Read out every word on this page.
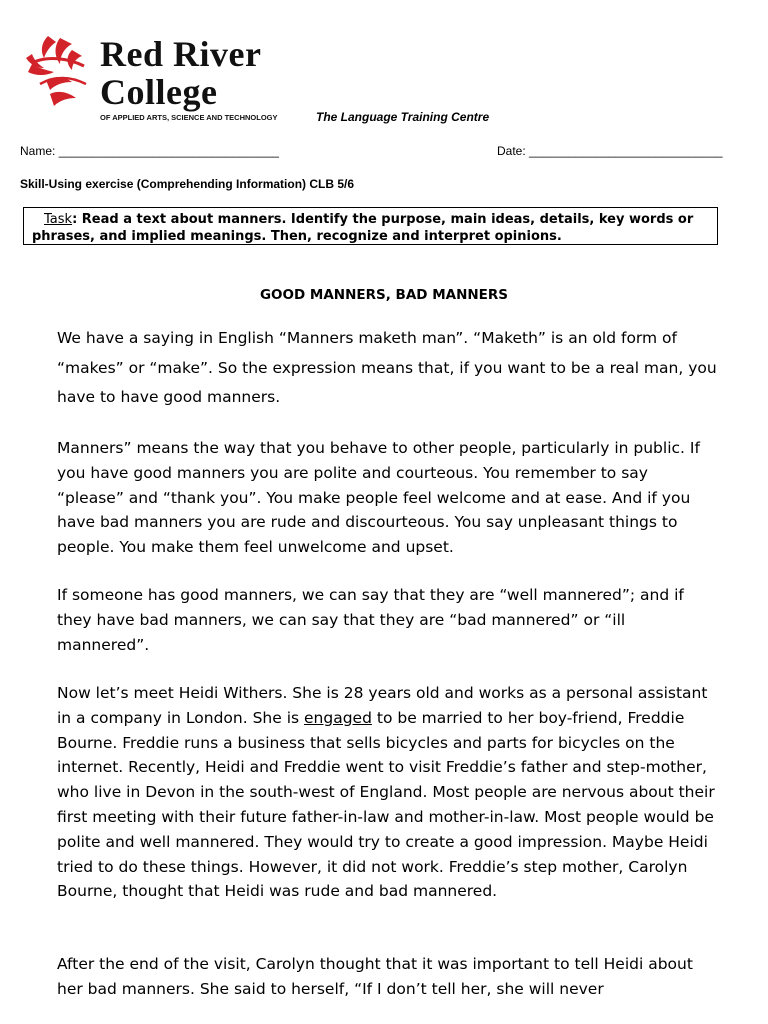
Red River
College
OF APPLIED ARTS, SCIENCE AND TECHNOLOGY	The Language Training Centre
Name: _________________________________	Date: _____________________________
Skill-Using exercise (Comprehending Information) CLB 5/6
Task: Read a text about manners. Identify the purpose, main ideas, details, key words or phrases, and implied meanings. Then, recognize and interpret opinions.
GOOD MANNERS, BAD MANNERS

We have a saying in English “Manners maketh man”. “Maketh” is an old form of “makes” or “make”. So the expression means that, if you want to be a real man, you have to have good manners.

Manners” means the way that you behave to other people, particularly in public. If you have good manners you are polite and courteous. You remember to say “please” and “thank you”. You make people feel welcome and at ease. And if you have bad manners you are rude and discourteous. You say unpleasant things to people. You make them feel unwelcome and upset.

If someone has good manners, we can say that they are “well mannered”; and if they have bad manners, we can say that they are “bad mannered” or “ill mannered”.

Now let’s meet Heidi Withers. She is 28 years old and works as a personal assistant in a company in London. She is engaged to be married to her boy-friend, Freddie Bourne. Freddie runs a business that sells bicycles and parts for bicycles on the internet. Recently, Heidi and Freddie went to visit Freddie’s father and step-mother, who live in Devon in the south-west of England. Most people are nervous about their first meeting with their future father-in-law and mother-in-law. Most people would be polite and well mannered. They would try to create a good impression. Maybe Heidi tried to do these things. However, it did not work. Freddie’s step mother, Carolyn Bourne, thought that Heidi was rude and bad mannered.

After the end of the visit, Carolyn thought that it was important to tell Heidi about her bad manners. She said to herself, “If I don’t tell her, she will never
